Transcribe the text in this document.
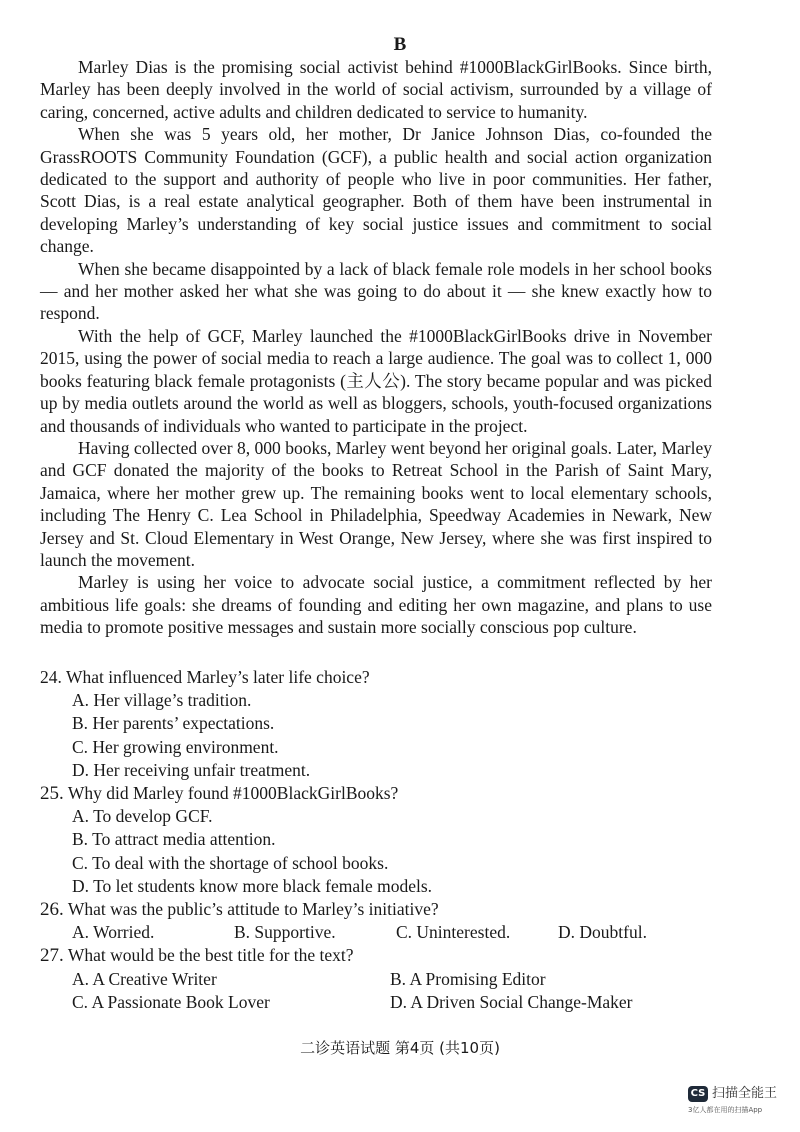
B

Marley Dias is the promising social activist behind #1000BlackGirlBooks. Since birth, Marley has been deeply involved in the world of social activism, surrounded by a village of caring, concerned, active adults and children dedicated to service to humanity.

When she was 5 years old, her mother, Dr Janice Johnson Dias, co-founded the GrassROOTS Community Foundation (GCF), a public health and social action organization dedicated to the support and authority of people who live in poor communities. Her father, Scott Dias, is a real estate analytical geographer. Both of them have been instrumental in developing Marley’s understanding of key social justice issues and commitment to social change.

When she became disappointed by a lack of black female role models in her school books — and her mother asked her what she was going to do about it — she knew exactly how to respond.

With the help of GCF, Marley launched the #1000BlackGirlBooks drive in November 2015, using the power of social media to reach a large audience. The goal was to collect 1, 000 books featuring black female protagonists (主人公). The story became popular and was picked up by media outlets around the world as well as bloggers, schools, youth-focused organizations and thousands of individuals who wanted to participate in the project.

Having collected over 8, 000 books, Marley went beyond her original goals. Later, Marley and GCF donated the majority of the books to Retreat School in the Parish of Saint Mary, Jamaica, where her mother grew up. The remaining books went to local elementary schools, including The Henry C. Lea School in Philadelphia, Speedway Academies in Newark, New Jersey and St. Cloud Elementary in West Orange, New Jersey, where she was first inspired to launch the movement.

Marley is using her voice to advocate social justice, a commitment reflected by her ambitious life goals: she dreams of founding and editing her own magazine, and plans to use media to promote positive messages and sustain more socially conscious pop culture.

24. What influenced Marley’s later life choice?
A. Her village’s tradition.
B. Her parents’ expectations.
C. Her growing environment.
D. Her receiving unfair treatment.
25. Why did Marley found #1000BlackGirlBooks?
A. To develop GCF.
B. To attract media attention.
C. To deal with the shortage of school books.
D. To let students know more black female models.
26. What was the public’s attitude to Marley’s initiative?
A. Worried.	B. Supportive.	C. Uninterested.	D. Doubtful.
27. What would be the best title for the text?
A. A Creative Writer	B. A Promising Editor
C. A Passionate Book Lover	D. A Driven Social Change-Maker
二诊英语试题 第4页 (共10页)
CS 扫描全能王
3亿人都在用的扫描App
